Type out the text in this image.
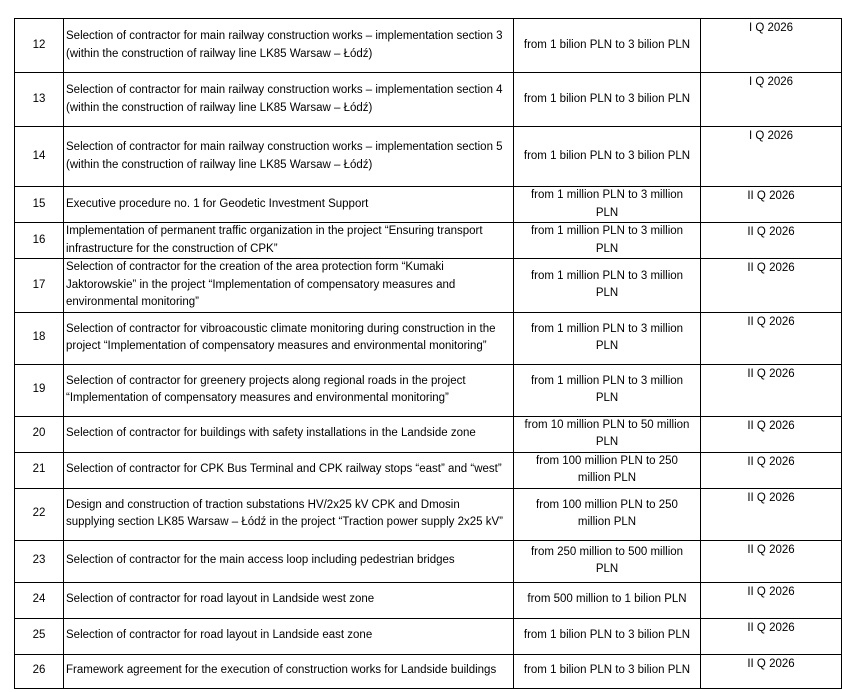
12	Selection of contractor for main railway construction works – implementation section 3 (within the construction of railway line LK85 Warsaw – Łódź)	from 1 bilion PLN to 3 bilion PLN	I Q 2026
13	Selection of contractor for main railway construction works – implementation section 4 (within the construction of railway line LK85 Warsaw – Łódź)	from 1 bilion PLN to 3 bilion PLN	I Q 2026
14	Selection of contractor for main railway construction works – implementation section 5 (within the construction of railway line LK85 Warsaw – Łódź)	from 1 bilion PLN to 3 bilion PLN	I Q 2026
15	Executive procedure no. 1 for Geodetic Investment Support	from 1 million PLN to 3 million PLN	II Q 2026
16	Implementation of permanent traffic organization in the project “Ensuring transport infrastructure for the construction of CPK”	from 1 million PLN to 3 million PLN	II Q 2026
17	Selection of contractor for the creation of the area protection form “Kumaki Jaktorowskie” in the project “Implementation of compensatory measures and environmental monitoring”	from 1 million PLN to 3 million PLN	II Q 2026
18	Selection of contractor for vibroacoustic climate monitoring during construction in the project “Implementation of compensatory measures and environmental monitoring”	from 1 million PLN to 3 million PLN	II Q 2026
19	Selection of contractor for greenery projects along regional roads in the project “Implementation of compensatory measures and environmental monitoring”	from 1 million PLN to 3 million PLN	II Q 2026
20	Selection of contractor for buildings with safety installations in the Landside zone	from 10 million PLN to 50 million PLN	II Q 2026
21	Selection of contractor for CPK Bus Terminal and CPK railway stops “east” and “west”	from 100 million PLN to 250 million PLN	II Q 2026
22	Design and construction of traction substations HV/2x25 kV CPK and Dmosin supplying section LK85 Warsaw – Łódź in the project “Traction power supply 2x25 kV”	from 100 million PLN to 250 million PLN	II Q 2026
23	Selection of contractor for the main access loop including pedestrian bridges	from 250 million to 500 million PLN	II Q 2026
24	Selection of contractor for road layout in Landside west zone	from 500 million to 1 bilion PLN	II Q 2026
25	Selection of contractor for road layout in Landside east zone	from 1 bilion PLN to 3 bilion PLN	II Q 2026
26	Framework agreement for the execution of construction works for Landside buildings	from 1 bilion PLN to 3 bilion PLN	II Q 2026
